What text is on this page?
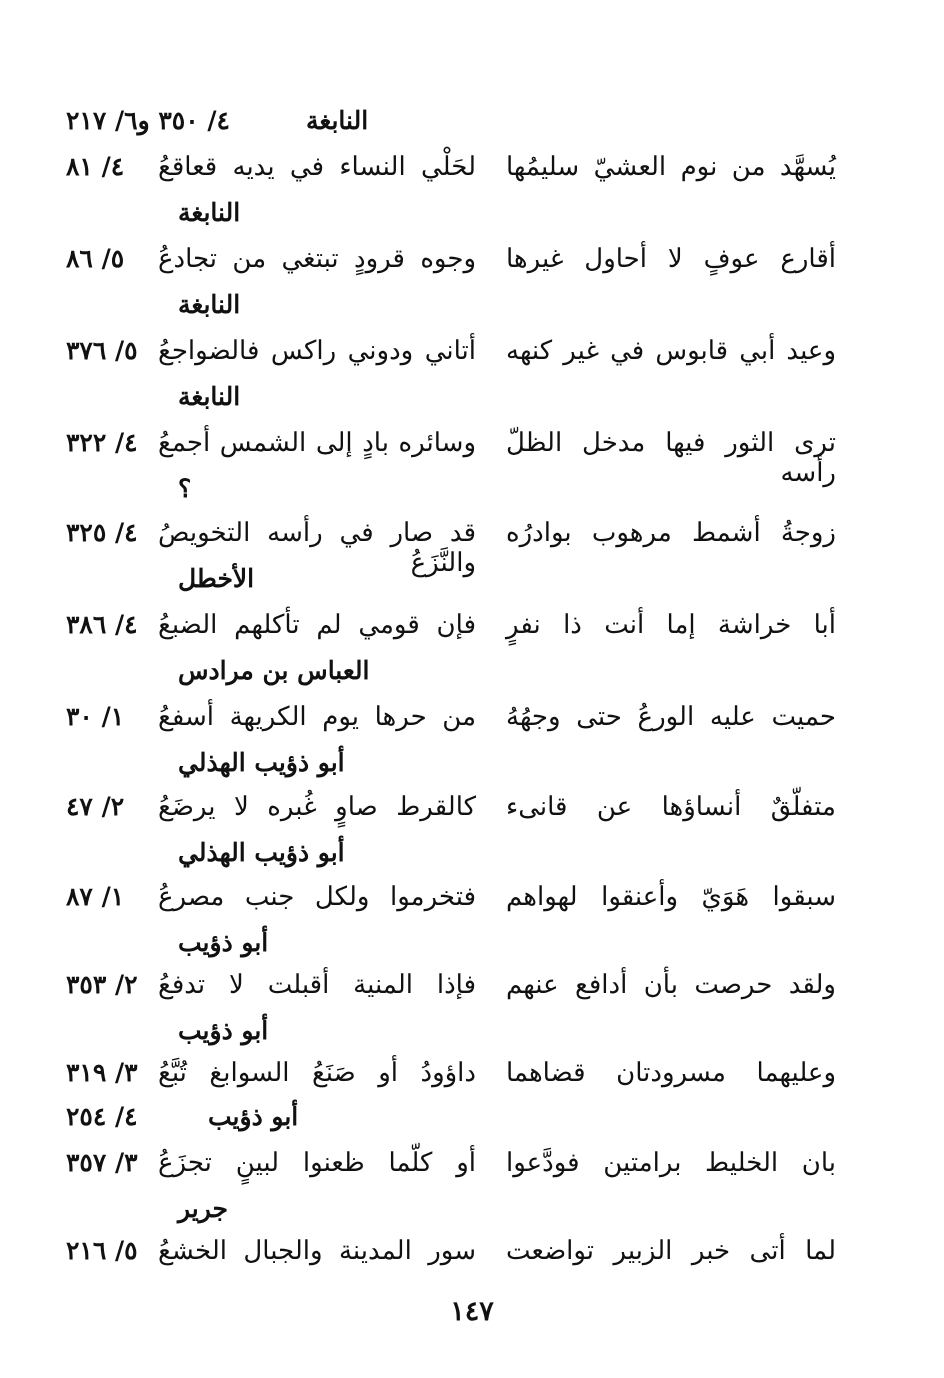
النابغة
٤/ ٣٥٠ و٦/ ٢١٧
يُسهَّد من نوم العشيّ سليمُها
لحَلْي النساء في يديه قعاقعُ
٤/ ٨١
النابغة
أقارع عوفٍ لا أحاول غيرها
وجوه قرودٍ تبتغي من تجادعُ
٥/ ٨٦
النابغة
وعيد أبي قابوس في غير كنهه
أتاني ودوني راكس فالضواجعُ
٥/ ٣٧٦
النابغة
ترى الثور فيها مدخل الظلّ رأسه
وسائره بادٍ إلى الشمس أجمعُ
٤/ ٣٢٢
؟
زوجةُ أشمط مرهوب بوادرُه
قد صار في رأسه التخويصُ والنَّزَعُ
٤/ ٣٢٥
الأخطل
أبا خراشة إما أنت ذا نفرٍ
فإن قومي لم تأكلهم الضبعُ
٤/ ٣٨٦
العباس بن مرادس
حميت عليه الورعُ حتى وجهُهُ
من حرها يوم الكريهة أسفعُ
١/ ٣٠
أبو ذؤيب الهذلي
متفلّقٌ أنساؤها عن قانىء
كالقرط صاوٍ غُبره لا يرضَعُ
٢/ ٤٧
أبو ذؤيب الهذلي
سبقوا هَوَيّ وأعنقوا لهواهم
فتخرموا ولكل جنب مصرعُ
١/ ٨٧
أبو ذؤيب
ولقد حرصت بأن أدافع عنهم
فإذا المنية أقبلت لا تدفعُ
٢/ ٣٥٣
أبو ذؤيب
وعليهما مسرودتان قضاهما
داؤودُ أو صَنَعُ السوابغ تُبَّعُ
٣/ ٣١٩
أبو ذؤيب
٤/ ٢٥٤
بان الخليط برامتين فودَّعوا
أو كلّما ظعنوا لبينٍ تجزَعُ
٣/ ٣٥٧
جرير
لما أتى خبر الزبير تواضعت
سور المدينة والجبال الخشعُ
٥/ ٢١٦
١٤٧
